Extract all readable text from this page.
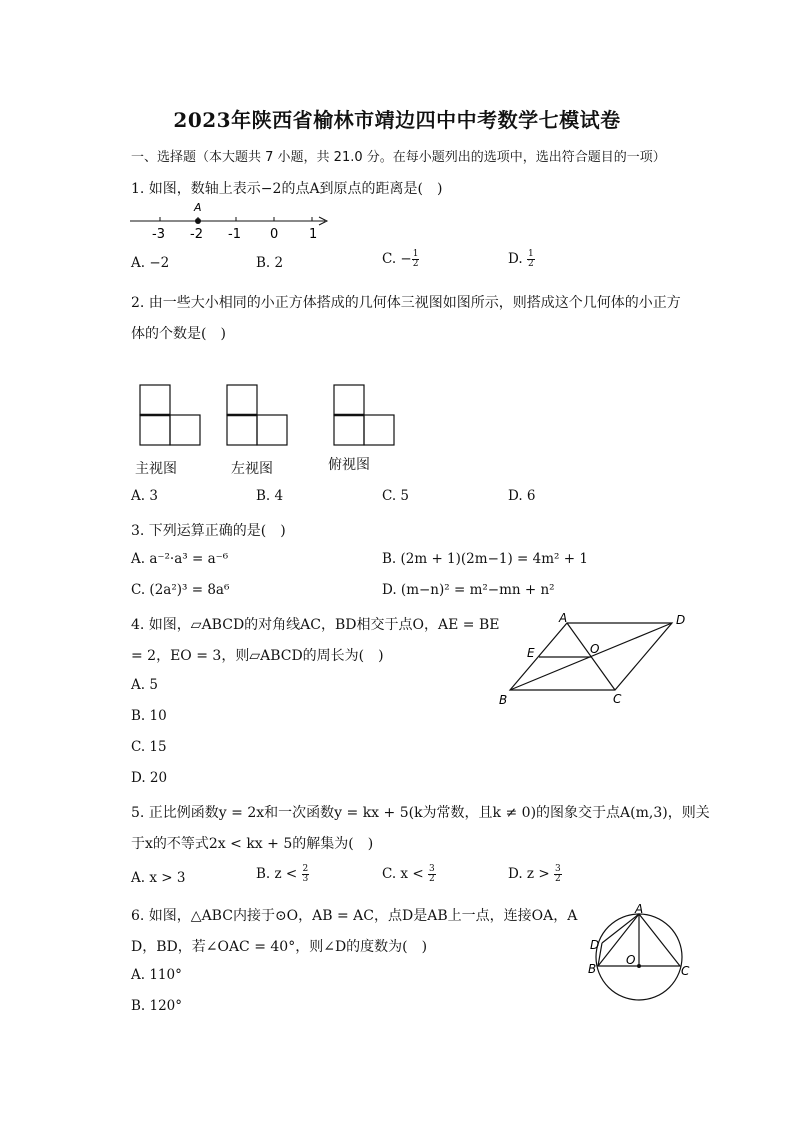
2023年陕西省榆林市靖边四中中考数学七模试卷
一、选择题（本大题共 7 小题，共 21.0 分。在每小题列出的选项中，选出符合题目的一项）
1. 如图，数轴上表示−2的点A到原点的距离是(　)
A
-3 -2 -1 0 1
A. −2	B. 2	C. − $\frac{1}{2}$	D. $\frac{1}{2}$
2. 由一些大小相同的小正方体搭成的几何体三视图如图所示，则搭成这个几何体的小正方
体的个数是(　)
主视图	左视图	俯视图
A. 3	B. 4	C. 5	D. 6
3. 下列运算正确的是(　)
A. a⁻²·a³ = a⁻⁶	B. (2m + 1)(2m−1) = 4m² + 1
C. (2a²)³ = 8a⁶	D. (m−n)² = m²−mn + n²
4. 如图，▱ABCD的对角线AC，BD相交于点O，AE = BE
= 2，EO = 3，则▱ABCD的周长为(　)
A. 5
B. 10
C. 15
D. 20
A	D
E	O
B	C
5. 正比例函数y = 2x和一次函数y = kx + 5(k为常数，且k ≠ 0)的图象交于点A(m,3)，则关
于x的不等式2x < kx + 5的解集为(　)
A. x > 3	B. $z < \frac{2}{3}$	C. $x < \frac{3}{2}$	D. $z > \frac{3}{2}$
6. 如图，△ABC内接于⊙O，AB = AC，点D是AB上一点，连接OA，A
D，BD，若∠OAC = 40°，则∠D的度数为(　)
A. 110°
B. 120°
A
D
O
B	C
